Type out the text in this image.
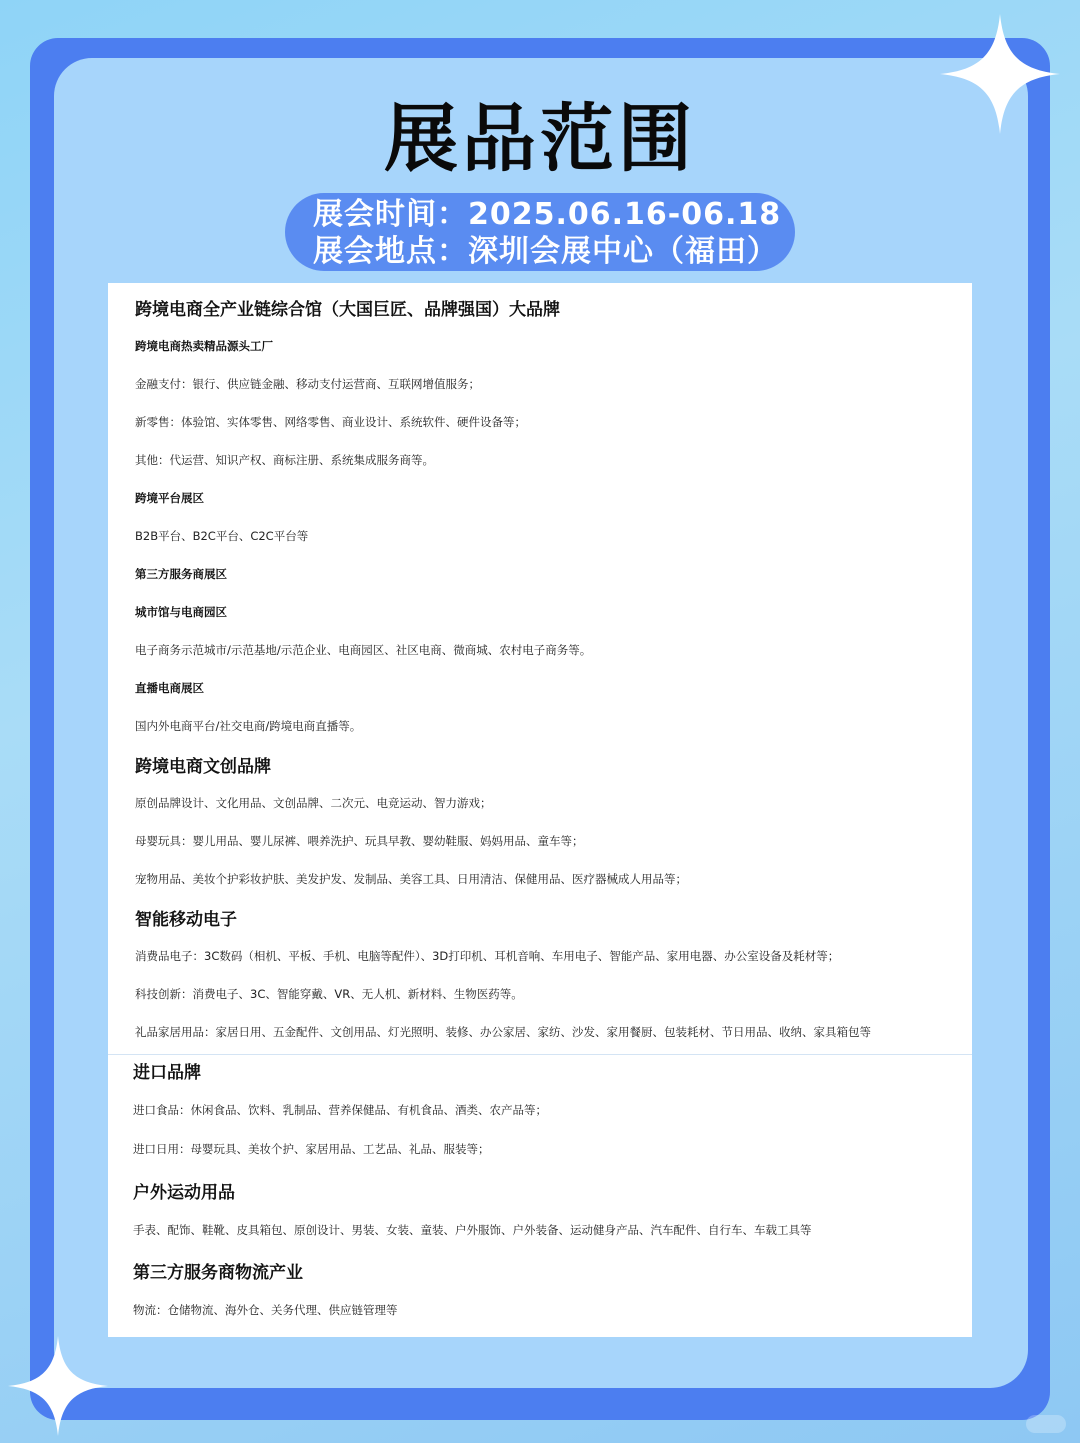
展品范围
展会时间：2025.06.16-06.18
展会地点：深圳会展中心（福田）
跨境电商全产业链综合馆（大国巨匠、品牌强国）大品牌
跨境电商热卖精品源头工厂
金融支付：银行、供应链金融、移动支付运营商、互联网增值服务；
新零售：体验馆、实体零售、网络零售、商业设计、系统软件、硬件设备等；
其他：代运营、知识产权、商标注册、系统集成服务商等。
跨境平台展区
B2B平台、B2C平台、C2C平台等
第三方服务商展区
城市馆与电商园区
电子商务示范城市/示范基地/示范企业、电商园区、社区电商、微商城、农村电子商务等。
直播电商展区
国内外电商平台/社交电商/跨境电商直播等。
跨境电商文创品牌
原创品牌设计、文化用品、文创品牌、二次元、电竞运动、智力游戏；
母婴玩具：婴儿用品、婴儿尿裤、喂养洗护、玩具早教、婴幼鞋服、妈妈用品、童车等；
宠物用品、美妆个护彩妆护肤、美发护发、发制品、美容工具、日用清洁、保健用品、医疗器械成人用品等；
智能移动电子
消费品电子：3C数码（相机、平板、手机、电脑等配件）、3D打印机、耳机音响、车用电子、智能产品、家用电器、办公室设备及耗材等；
科技创新：消费电子、3C、智能穿戴、VR、无人机、新材料、生物医药等。
礼品家居用品：家居日用、五金配件、文创用品、灯光照明、装修、办公家居、家纺、沙发、家用餐厨、包装耗材、节日用品、收纳、家具箱包等
进口品牌
进口食品：休闲食品、饮料、乳制品、营养保健品、有机食品、酒类、农产品等；
进口日用：母婴玩具、美妆个护、家居用品、工艺品、礼品、服装等；
户外运动用品
手表、配饰、鞋靴、皮具箱包、原创设计、男装、女装、童装、户外服饰、户外装备、运动健身产品、汽车配件、自行车、车载工具等
第三方服务商物流产业
物流：仓储物流、海外仓、关务代理、供应链管理等
